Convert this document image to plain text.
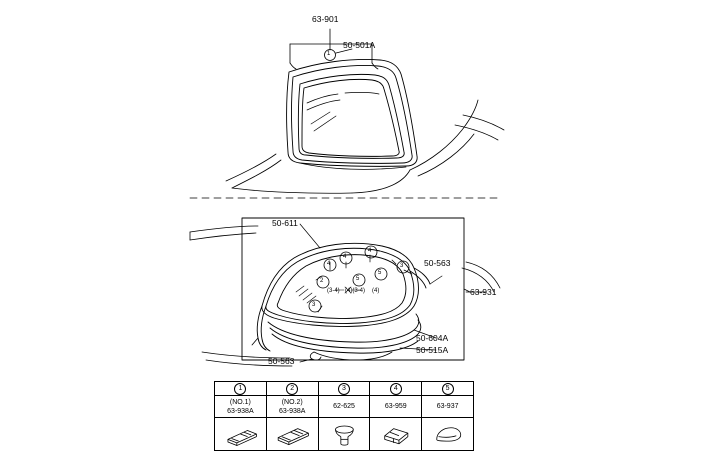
63-901
50-501A
1
50-611
50-563
63-931
50-604A
50-515A
50-563
2
3
3
4
4
4
5
5
(3-4) (4)(3-4) (4)
1
(NO.1)
63-938A
2
(NO.2)
63-938A
3
62-625
4
63-959
5
63-937
